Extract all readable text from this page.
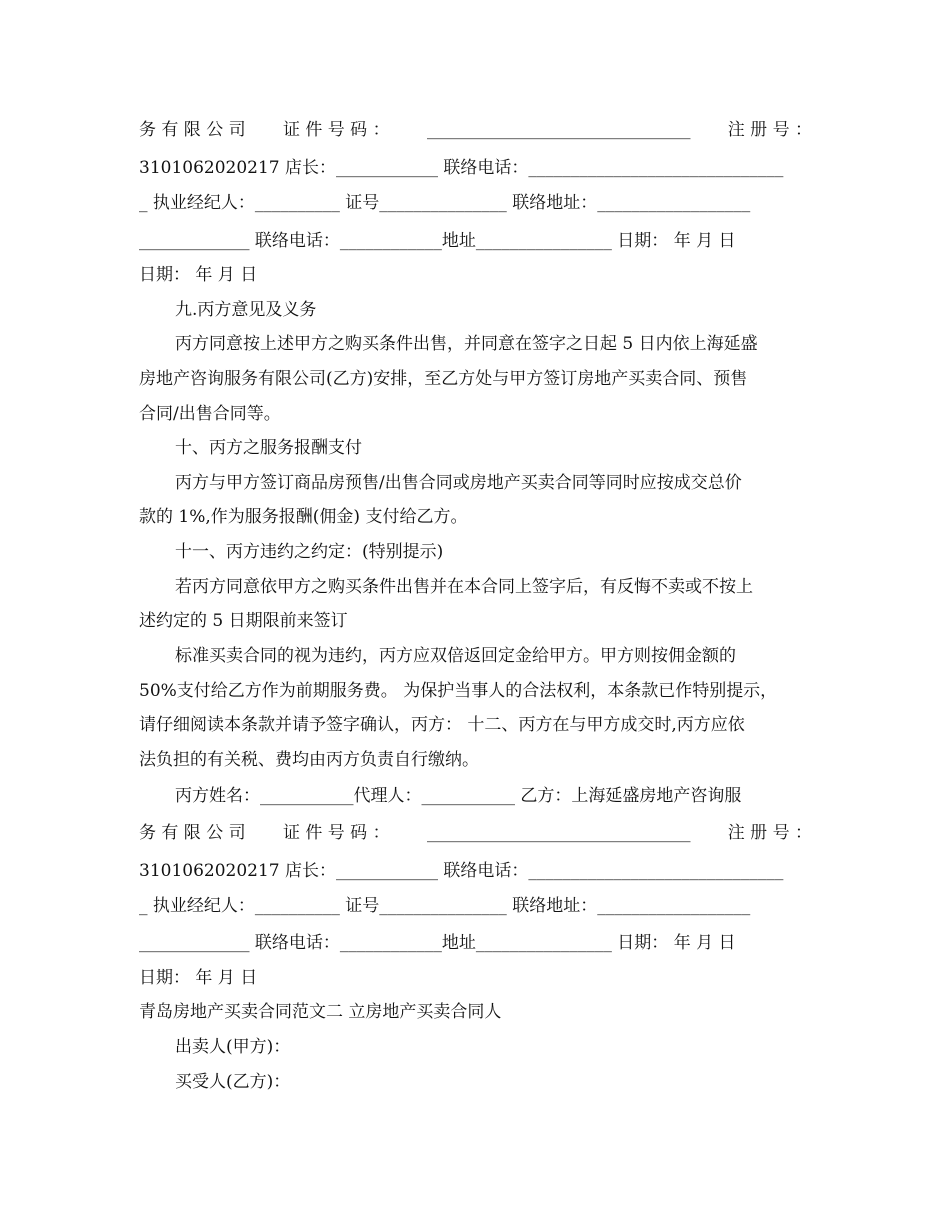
务 有 限 公 司 证 件 号 码 ： _______________________________ 注 册 号 ：
3101062020217 店长：____________ 联络电话：______________________________
_ 执业经纪人：__________ 证号_______________ 联络地址：__________________
_____________ 联络电话：____________地址________________ 日期： 年 月 日
日期： 年 月 日
九.丙方意见及义务
丙方同意按上述甲方之购买条件出售，并同意在签字之日起 5 日内依上海延盛
房地产咨询服务有限公司(乙方)安排，至乙方处与甲方签订房地产买卖合同、预售
合同/出售合同等。
十、丙方之服务报酬支付
丙方与甲方签订商品房预售/出售合同或房地产买卖合同等同时应按成交总价
款的 1%,作为服务报酬(佣金) 支付给乙方。
十一、丙方违约之约定：(特别提示)
若丙方同意依甲方之购买条件出售并在本合同上签字后，有反悔不卖或不按上
述约定的 5 日期限前来签订
标准买卖合同的视为违约，丙方应双倍返回定金给甲方。甲方则按佣金额的
50%支付给乙方作为前期服务费。 为保护当事人的合法权利，本条款已作特别提示，
请仔细阅读本条款并请予签字确认，丙方： 十二、丙方在与甲方成交时,丙方应依
法负担的有关税、费均由丙方负责自行缴纳。
丙方姓名：___________代理人：___________ 乙方：上海延盛房地产咨询服
务 有 限 公 司 证 件 号 码 ： _______________________________ 注 册 号 ：
3101062020217 店长：____________ 联络电话：______________________________
_ 执业经纪人：__________ 证号_______________ 联络地址：__________________
_____________ 联络电话：____________地址________________ 日期： 年 月 日
日期： 年 月 日
青岛房地产买卖合同范文二 立房地产买卖合同人
出卖人(甲方)：
买受人(乙方)：
